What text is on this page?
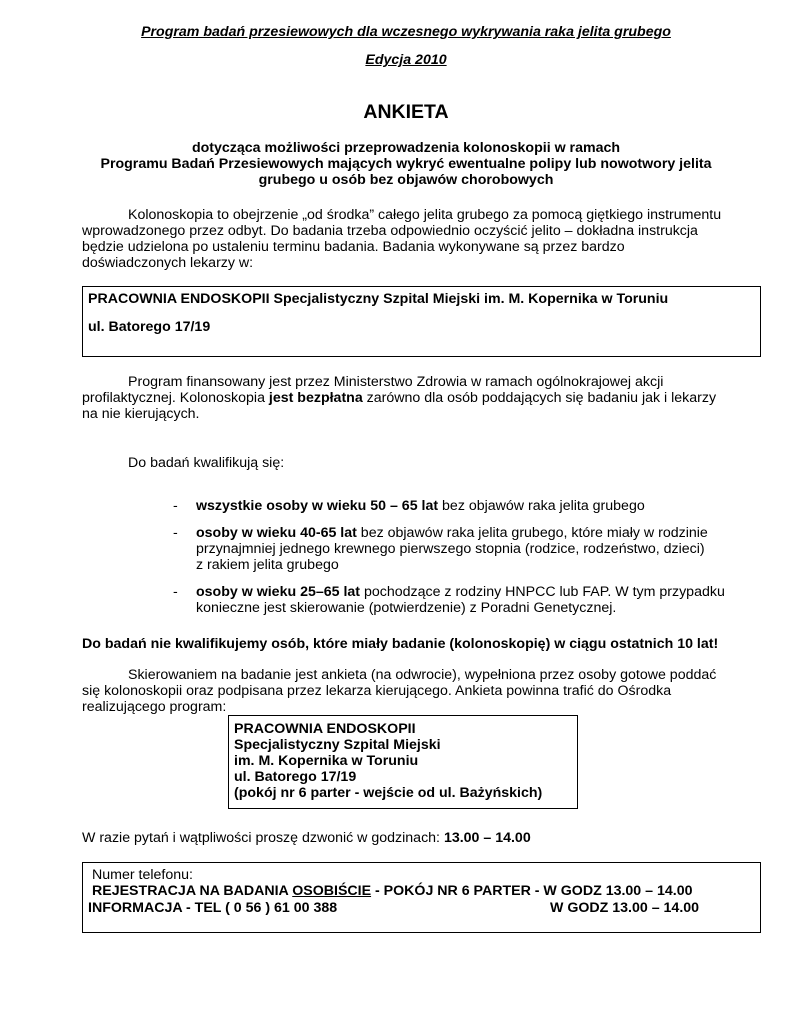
Program badań przesiewowych dla wczesnego wykrywania raka jelita grubego
Edycja 2010
ANKIETA
dotycząca możliwości przeprowadzenia kolonoskopii w ramach
Programu Badań Przesiewowych mających wykryć ewentualne polipy lub nowotwory jelita
grubego u osób bez objawów chorobowych
Kolonoskopia to obejrzenie „od środka” całego jelita grubego za pomocą giętkiego instrumentu
wprowadzonego przez odbyt. Do badania trzeba odpowiednio oczyścić jelito – dokładna instrukcja
będzie udzielona po ustaleniu terminu badania. Badania wykonywane są przez bardzo
doświadczonych lekarzy w:
PRACOWNIA ENDOSKOPII Specjalistyczny Szpital Miejski im. M. Kopernika w Toruniu
ul. Batorego 17/19
Program finansowany jest przez Ministerstwo Zdrowia w ramach ogólnokrajowej akcji
profilaktycznej. Kolonoskopia jest bezpłatna zarówno dla osób poddających się badaniu jak i lekarzy
na nie kierujących.
Do badań kwalifikują się:
- wszystkie osoby w wieku 50 – 65 lat bez objawów raka jelita grubego
- osoby w wieku 40-65 lat bez objawów raka jelita grubego, które miały w rodzinie
przynajmniej jednego krewnego pierwszego stopnia (rodzice, rodzeństwo, dzieci)
z rakiem jelita grubego
- osoby w wieku 25–65 lat pochodzące z rodziny HNPCC lub FAP. W tym przypadku
konieczne jest skierowanie (potwierdzenie) z Poradni Genetycznej.
Do badań nie kwalifikujemy osób, które miały badanie (kolonoskopię) w ciągu ostatnich 10 lat!
Skierowaniem na badanie jest ankieta (na odwrocie), wypełniona przez osoby gotowe poddać
się kolonoskopii oraz podpisana przez lekarza kierującego. Ankieta powinna trafić do Ośrodka
realizującego program:
PRACOWNIA ENDOSKOPII
Specjalistyczny Szpital Miejski
im. M. Kopernika w Toruniu
ul. Batorego 17/19
(pokój nr 6 parter - wejście od ul. Bażyńskich)
W razie pytań i wątpliwości proszę dzwonić w godzinach: 13.00 – 14.00
Numer telefonu:
REJESTRACJA NA BADANIA OSOBIŚCIE - POKÓJ NR 6 PARTER - W GODZ 13.00 – 14.00
INFORMACJA - TEL ( 0 56 ) 61 00 388	W GODZ 13.00 – 14.00
